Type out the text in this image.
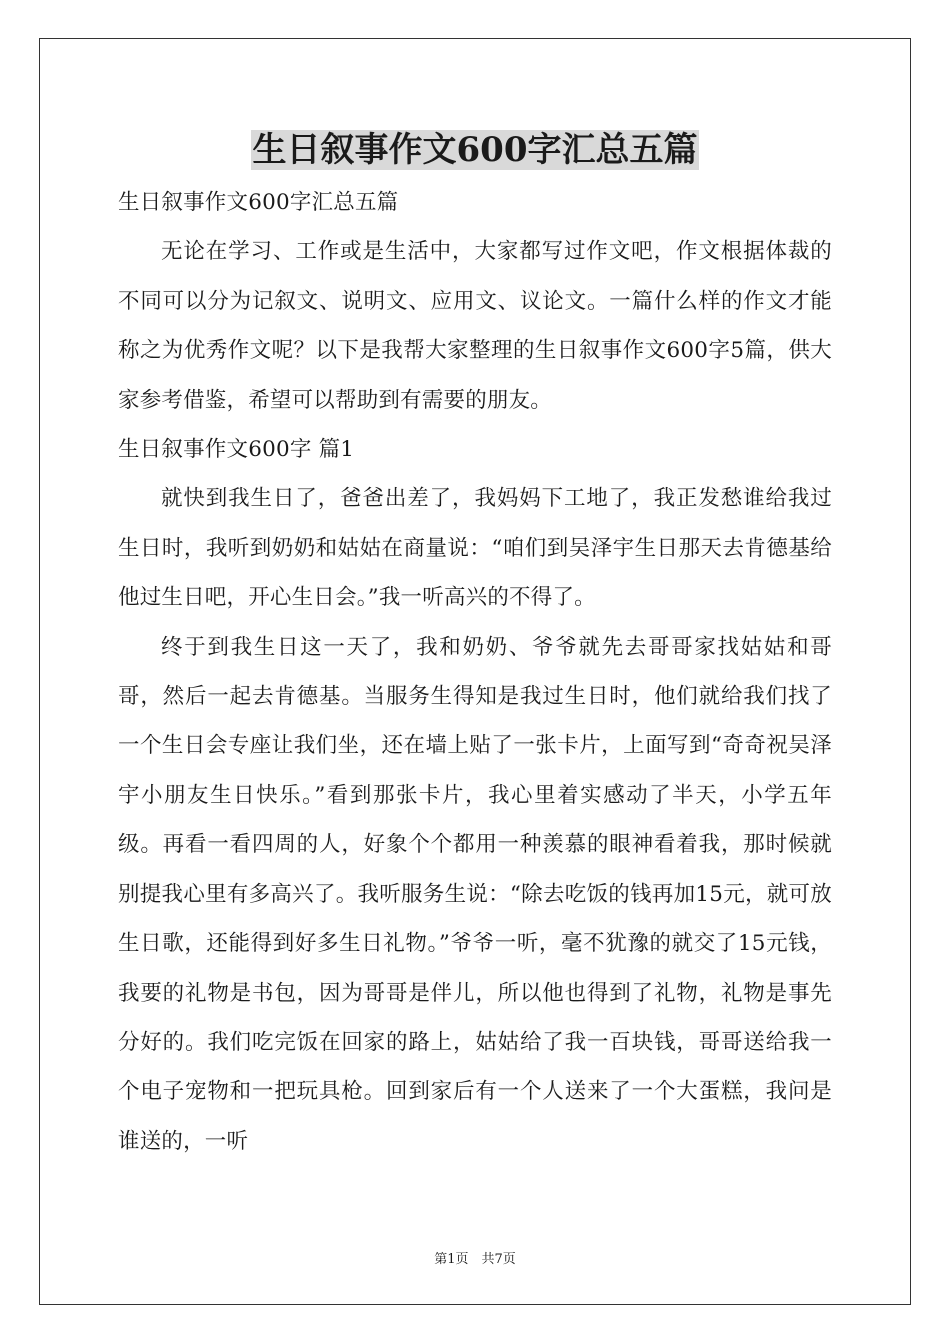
生日叙事作文600字汇总五篇

生日叙事作文600字汇总五篇

无论在学习、工作或是生活中，大家都写过作文吧，作文根据体裁的不同可以分为记叙文、说明文、应用文、议论文。一篇什么样的作文才能称之为优秀作文呢？以下是我帮大家整理的生日叙事作文600字5篇，供大家参考借鉴，希望可以帮助到有需要的朋友。

生日叙事作文600字 篇1

就快到我生日了，爸爸出差了，我妈妈下工地了，我正发愁谁给我过生日时，我听到奶奶和姑姑在商量说：“咱们到吴泽宇生日那天去肯德基给他过生日吧，开心生日会。”我一听高兴的不得了。

终于到我生日这一天了，我和奶奶、爷爷就先去哥哥家找姑姑和哥哥，然后一起去肯德基。当服务生得知是我过生日时，他们就给我们找了一个生日会专座让我们坐，还在墙上贴了一张卡片，上面写到“奇奇祝吴泽宇小朋友生日快乐。”看到那张卡片，我心里着实感动了半天，小学五年级。再看一看四周的人，好象个个都用一种羡慕的眼神看着我，那时候就别提我心里有多高兴了。我听服务生说：“除去吃饭的钱再加15元，就可放生日歌，还能得到好多生日礼物。”爷爷一听，毫不犹豫的就交了15元钱，我要的礼物是书包，因为哥哥是伴儿，所以他也得到了礼物，礼物是事先分好的。我们吃完饭在回家的路上，姑姑给了我一百块钱，哥哥送给我一个电子宠物和一把玩具枪。回到家后有一个人送来了一个大蛋糕，我问是谁送的，一听

第1页　共7页
